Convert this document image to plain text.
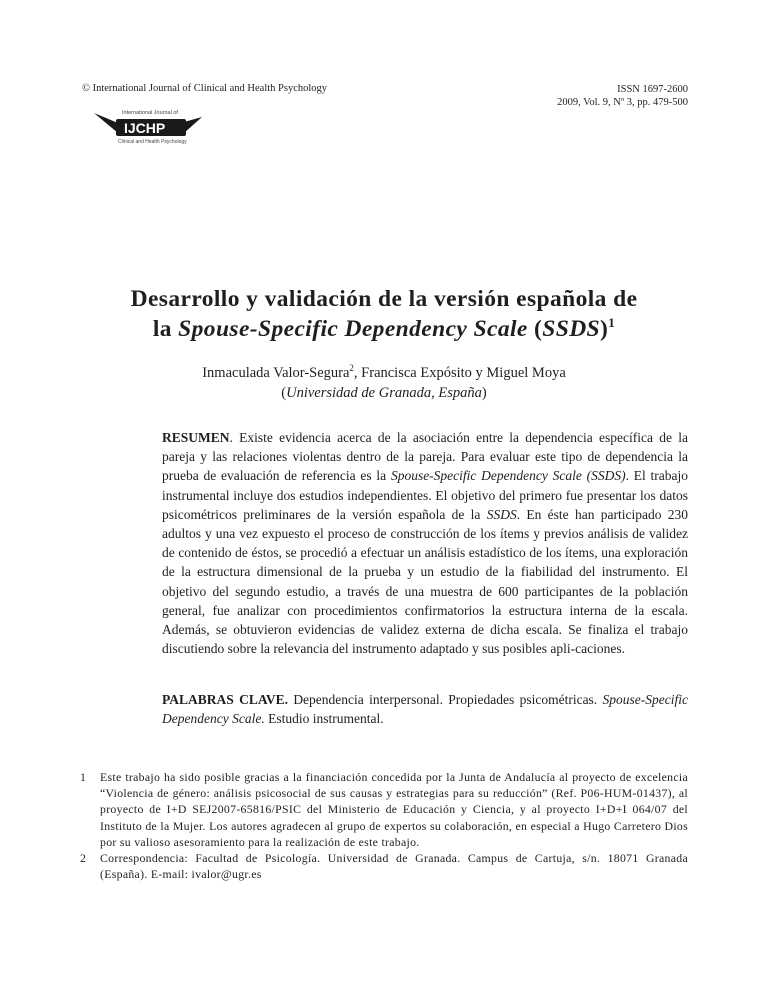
© International Journal of Clinical and Health Psychology	ISSN 1697-2600
2009, Vol. 9, Nº 3, pp. 479-500
International Journal of
IJCHP
Clinical and Health Psychology
Desarrollo y validación de la versión española de
la Spouse-Specific Dependency Scale (SSDS)$^1$
Inmaculada Valor-Segura$^2$, Francisca Expósito y Miguel Moya
(Universidad de Granada, España)
RESUMEN. Existe evidencia acerca de la asociación entre la dependencia específica de la pareja y las relaciones violentas dentro de la pareja. Para evaluar este tipo de dependencia la prueba de evaluación de referencia es la Spouse-Specific Dependency Scale (SSDS). El trabajo instrumental incluye dos estudios independientes. El objetivo del primero fue presentar los datos psicométricos preliminares de la versión española de la SSDS. En éste han participado 230 adultos y una vez expuesto el proceso de construcción de los ítems y previos análisis de validez de contenido de éstos, se procedió a efectuar un análisis estadístico de los ítems, una exploración de la estructura dimensional de la prueba y un estudio de la fiabilidad del instrumento. El objetivo del segundo estudio, a través de una muestra de 600 participantes de la población general, fue analizar con procedimientos confirmatorios la estructura interna de la escala. Además, se obtuvieron evidencias de validez externa de dicha escala. Se finaliza el trabajo discutiendo sobre la relevancia del instrumento adaptado y sus posibles apli-caciones.
PALABRAS CLAVE. Dependencia interpersonal. Propiedades psicométricas. Spouse-Specific Dependency Scale. Estudio instrumental.
1 Este trabajo ha sido posible gracias a la financiación concedida por la Junta de Andalucía al proyecto de excelencia “Violencia de género: análisis psicosocial de sus causas y estrategias para su reducción” (Ref. P06-HUM-01437), al proyecto de I+D SEJ2007-65816/PSIC del Ministerio de Educación y Ciencia, y al proyecto I+D+I 064/07 del Instituto de la Mujer. Los autores agradecen al grupo de expertos su colaboración, en especial a Hugo Carretero Dios por su valioso asesoramiento para la realización de este trabajo.
2 Correspondencia: Facultad de Psicología. Universidad de Granada. Campus de Cartuja, s/n. 18071 Granada (España). E-mail: ivalor@ugr.es
